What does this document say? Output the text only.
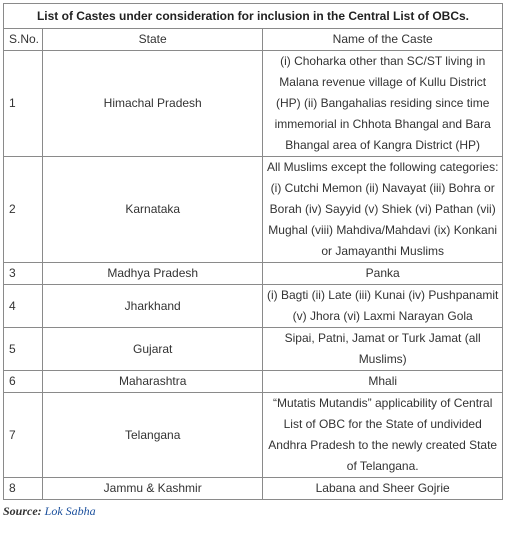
List of Castes under consideration for inclusion in the Central List of OBCs.		
S.No.	State	Name of the Caste
1	Himachal Pradesh	(i) Choharka other than SC/ST living in Malana revenue village of Kullu District (HP) (ii) Bangahalias residing since time immemorial in Chhota Bhangal and Bara Bhangal area of Kangra District (HP)
2	Karnataka	All Muslims except the following categories: (i) Cutchi Memon (ii) Navayat (iii) Bohra or Borah (iv) Sayyid (v) Shiek (vi) Pathan (vii) Mughal (viii) Mahdiva/Mahdavi (ix) Konkani or Jamayanthi Muslims
3	Madhya Pradesh	Panka
4	Jharkhand	(i) Bagti (ii) Late (iii) Kunai (iv) Pushpanamit (v) Jhora (vi) Laxmi Narayan Gola
5	Gujarat	Sipai, Patni, Jamat or Turk Jamat (all Muslims)
6	Maharashtra	Mhali
7	Telangana	“Mutatis Mutandis” applicability of Central List of OBC for the State of undivided Andhra Pradesh to the newly created State of Telangana.
8	Jammu & Kashmir	Labana and Sheer Gojrie
Source: Lok Sabha
